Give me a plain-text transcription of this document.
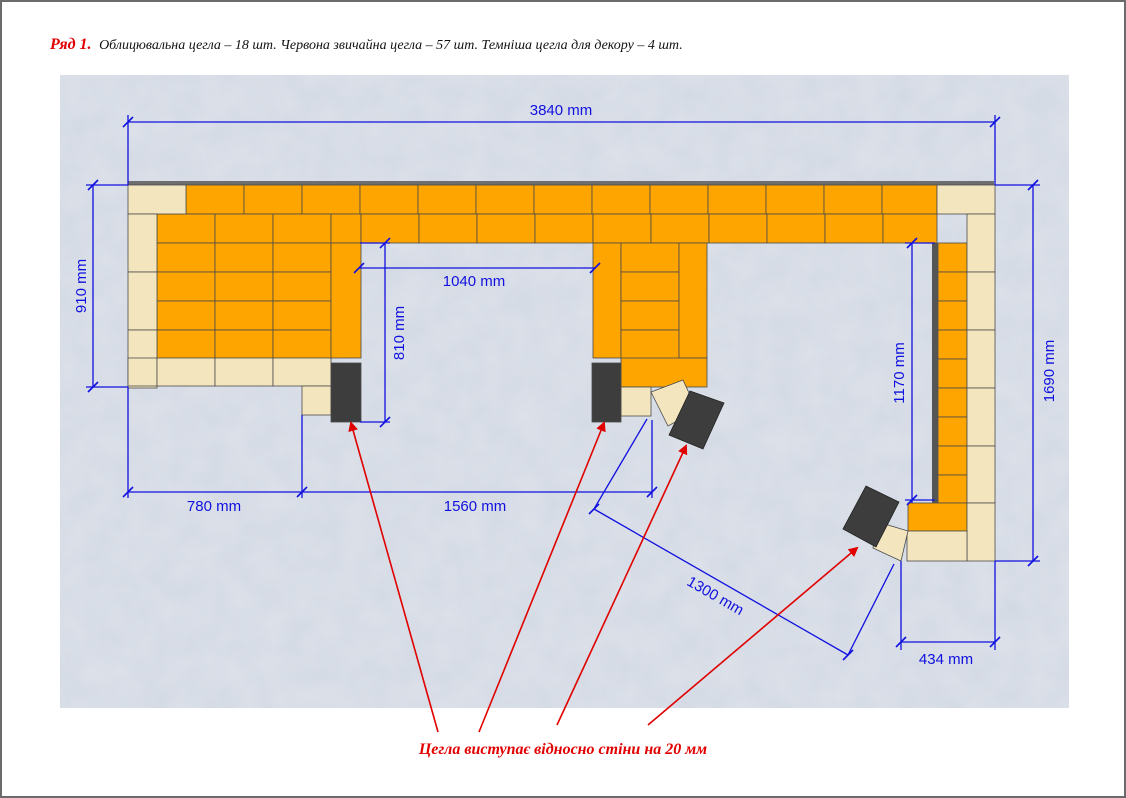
Ряд 1. Облицювальна цегла – 18 шт. Червона звичайна цегла – 57 шт. Темніша цегла для декору – 4 шт.
3840 mm
910 mm	1040 mm
810 mm
1170 mm	1690 mm
780 mm	1560 mm
1300 mm
434 mm
Цегла виступає відносно стіни на 20 мм
